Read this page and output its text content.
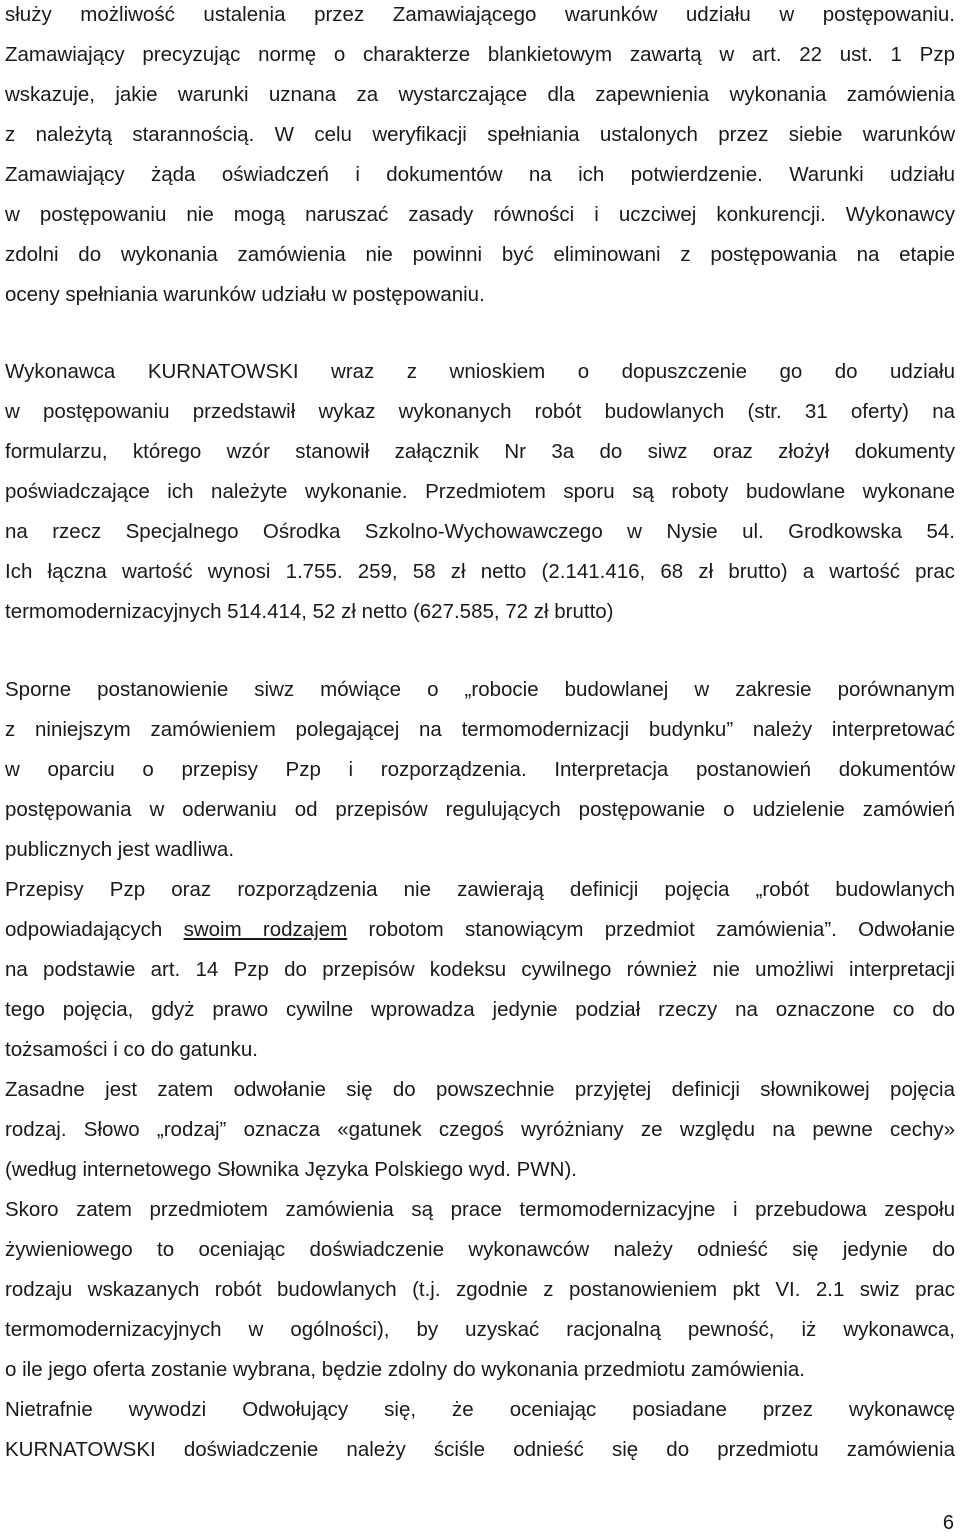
służy możliwość ustalenia przez Zamawiającego warunków udziału w postępowaniu.
Zamawiający precyzując normę o charakterze blankietowym zawartą w art. 22 ust. 1 Pzp
wskazuje, jakie warunki uznana za wystarczające dla zapewnienia wykonania zamówienia
z należytą starannością. W celu weryfikacji spełniania ustalonych przez siebie warunków
Zamawiający żąda oświadczeń i dokumentów na ich potwierdzenie. Warunki udziału
w postępowaniu nie mogą naruszać zasady równości i uczciwej konkurencji. Wykonawcy
zdolni do wykonania zamówienia nie powinni być eliminowani z postępowania na etapie
oceny spełniania warunków udziału w postępowaniu.
Wykonawca KURNATOWSKI wraz z wnioskiem o dopuszczenie go do udziału
w postępowaniu przedstawił wykaz wykonanych robót budowlanych (str. 31 oferty) na
formularzu, którego wzór stanowił załącznik Nr 3a do siwz oraz złożył dokumenty
poświadczające ich należyte wykonanie. Przedmiotem sporu są roboty budowlane wykonane
na rzecz Specjalnego Ośrodka Szkolno-Wychowawczego w Nysie ul. Grodkowska 54.
Ich łączna wartość wynosi 1.755. 259, 58 zł netto (2.141.416, 68 zł brutto) a wartość prac
termomodernizacyjnych 514.414, 52 zł netto (627.585, 72 zł brutto)
Sporne postanowienie siwz mówiące o „robocie budowlanej w zakresie porównanym
z niniejszym zamówieniem polegającej na termomodernizacji budynku” należy interpretować
w oparciu o przepisy Pzp i rozporządzenia. Interpretacja postanowień dokumentów
postępowania w oderwaniu od przepisów regulujących postępowanie o udzielenie zamówień
publicznych jest wadliwa.
Przepisy Pzp oraz rozporządzenia nie zawierają definicji pojęcia „robót budowlanych
odpowiadających swoim rodzajem robotom stanowiącym przedmiot zamówienia”. Odwołanie
na podstawie art. 14 Pzp do przepisów kodeksu cywilnego również nie umożliwi interpretacji
tego pojęcia, gdyż prawo cywilne wprowadza jedynie podział rzeczy na oznaczone co do
tożsamości i co do gatunku.
Zasadne jest zatem odwołanie się do powszechnie przyjętej definicji słownikowej pojęcia
rodzaj. Słowo „rodzaj” oznacza «gatunek czegoś wyróżniany ze względu na pewne cechy»
(według internetowego Słownika Języka Polskiego wyd. PWN).
Skoro zatem przedmiotem zamówienia są prace termomodernizacyjne i przebudowa zespołu
żywieniowego to oceniając doświadczenie wykonawców należy odnieść się jedynie do
rodzaju wskazanych robót budowlanych (t.j. zgodnie z postanowieniem pkt VI. 2.1 swiz prac
termomodernizacyjnych w ogólności), by uzyskać racjonalną pewność, iż wykonawca,
o ile jego oferta zostanie wybrana, będzie zdolny do wykonania przedmiotu zamówienia.
Nietrafnie wywodzi Odwołujący się, że oceniając posiadane przez wykonawcę
KURNATOWSKI doświadczenie należy ściśle odnieść się do przedmiotu zamówienia
6
